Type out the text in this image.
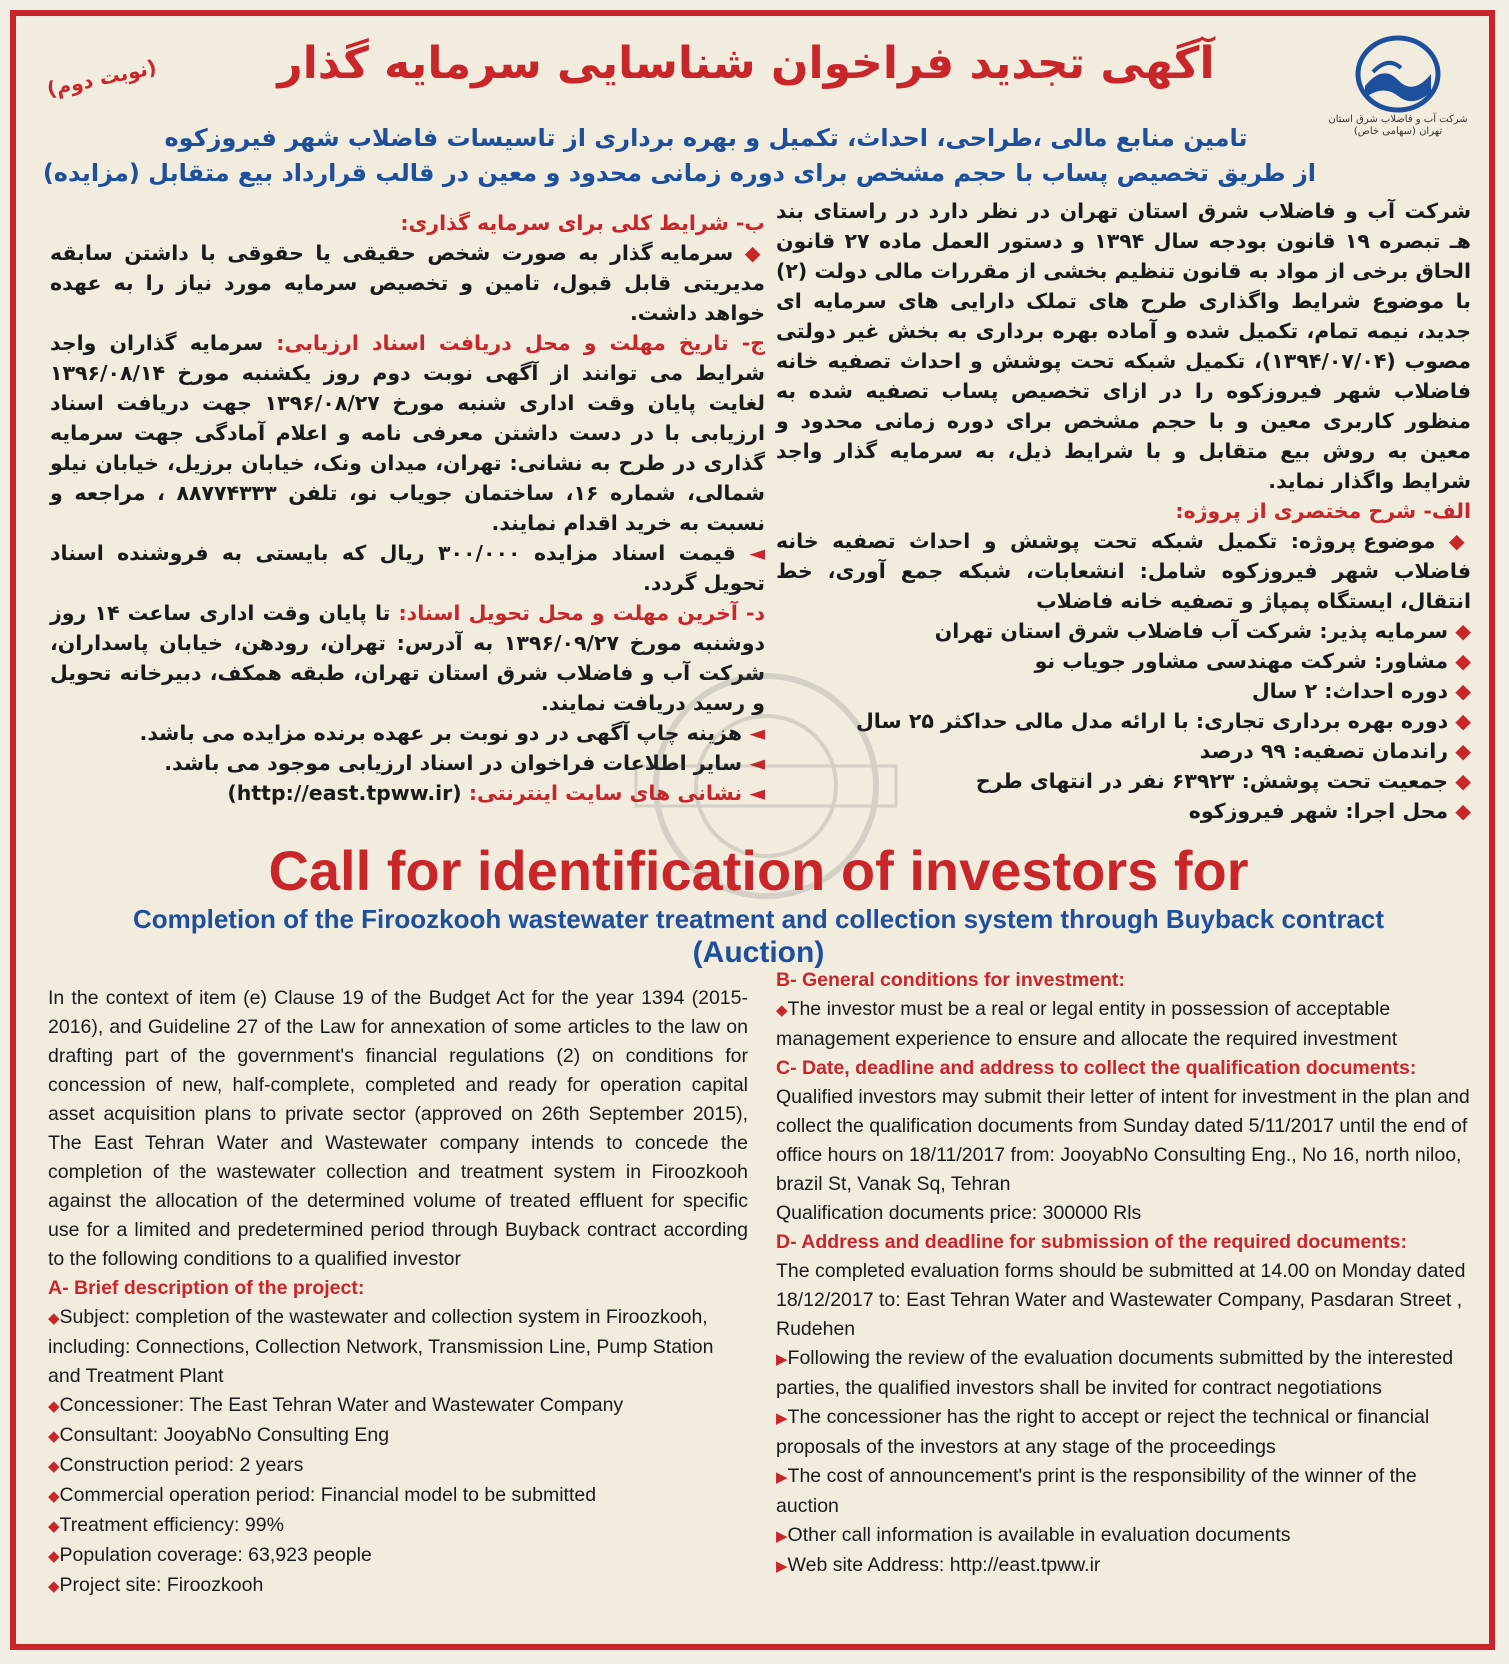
شرکت آب و فاضلاب شرق استان تهران (سهامی خاص)
آگهی تجدید فراخوان شناسایی سرمایه گذار
(نوبت دوم)
تامین منابع مالی ،طراحی، احداث، تکمیل و بهره برداری از تاسیسات فاضلاب شهر فیروزکوه
از طریق تخصیص پساب با حجم مشخص برای دوره زمانی محدود و معین در قالب قرارداد بیع متقابل (مزایده)

شرکت آب و فاضلاب شرق استان تهران در نظر دارد در راستای بند هـ تبصره ۱۹ قانون بودجه سال ۱۳۹۴ و دستور العمل ماده ۲۷ قانون الحاق برخی از مواد به قانون تنظیم بخشی از مقررات مالی دولت (۲) با موضوع شرایط واگذاری طرح های تملک دارایی های سرمایه ای جدید، نیمه تمام، تکمیل شده و آماده بهره برداری به بخش غیر دولتی مصوب (۱۳۹۴/۰۷/۰۴)، تکمیل شبکه تحت پوشش و احداث تصفیه خانه فاضلاب شهر فیروزکوه را در ازای تخصیص پساب تصفیه شده به منظور کاربری معین و با حجم مشخص برای دوره زمانی محدود و معین به روش بیع متقابل و با شرایط ذیل، به سرمایه گذار واجد شرایط واگذار نماید.

الف- شرح مختصری از پروژه:

◆ موضوع پروژه: تکمیل شبکه تحت پوشش و احداث تصفیه خانه فاضلاب شهر فیروزکوه شامل: انشعابات، شبکه جمع آوری، خط انتقال، ایستگاه پمپاژ و تصفیه خانه فاضلاب

◆ سرمایه پذیر: شرکت آب فاضلاب شرق استان تهران

◆ مشاور: شرکت مهندسی مشاور جویاب نو

◆ دوره احداث: ۲ سال

◆ دوره بهره برداری تجاری: با ارائه مدل مالی حداکثر ۲۵ سال

◆ راندمان تصفیه: ۹۹ درصد

◆ جمعیت تحت پوشش: ۶۳۹۲۳ نفر در انتهای طرح

◆ محل اجرا: شهر فیروزکوه

ب- شرایط کلی برای سرمایه گذاری:

◆ سرمایه گذار به صورت شخص حقیقی یا حقوقی با داشتن سابقه مدیریتی قابل قبول، تامین و تخصیص سرمایه مورد نیاز را به عهده خواهد داشت.

ج- تاریخ مهلت و محل دریافت اسناد ارزیابی: سرمایه گذاران واجد شرایط می توانند از آگهی نوبت دوم روز یکشنبه مورخ ۱۳۹۶/۰۸/۱۴ لغایت پایان وقت اداری شنبه مورخ ۱۳۹۶/۰۸/۲۷ جهت دریافت اسناد ارزیابی با در دست داشتن معرفی نامه و اعلام آمادگی جهت سرمایه گذاری در طرح به نشانی: تهران، میدان ونک، خیابان برزیل، خیابان نیلو شمالی، شماره ۱۶، ساختمان جویاب نو، تلفن ۸۸۷۷۴۳۳۳ ، مراجعه و نسبت به خرید اقدام نمایند.

◄ قیمت اسناد مزایده ۳۰۰/۰۰۰ ریال که بایستی به فروشنده اسناد تحویل گردد.

د- آخرین مهلت و محل تحویل اسناد: تا پایان وقت اداری ساعت ۱۴ روز دوشنبه مورخ ۱۳۹۶/۰۹/۲۷ به آدرس: تهران، رودهن، خیابان پاسداران، شرکت آب و فاضلاب شرق استان تهران، طبقه همکف، دبیرخانه تحویل و رسید دریافت نمایند.

◄ هزینه چاپ آگهی در دو نوبت بر عهده برنده مزایده می باشد.

◄ سایر اطلاعات فراخوان در اسناد ارزیابی موجود می باشد.

◄ نشانی های سایت اینترنتی: (http://east.tpww.ir)

Call for identification of investors for
Completion of the Firoozkooh wastewater treatment and collection system through Buyback contract
(Auction)

In the context of item (e) Clause 19 of the Budget Act for the year 1394 (2015-2016), and Guideline 27 of the Law for annexation of some articles to the law on drafting part of the government's financial regulations (2) on conditions for concession of new, half-complete, completed and ready for operation capital asset acquisition plans to private sector (approved on 26th September 2015), The East Tehran Water and Wastewater company intends to concede the completion of the wastewater collection and treatment system in Firoozkooh against the allocation of the determined volume of treated effluent for specific use for a limited and predetermined period through Buyback contract according to the following conditions to a qualified investor

A- Brief description of the project:

◆Subject: completion of the wastewater and collection system in Firoozkooh, including: Connections, Collection Network, Transmission Line, Pump Station and Treatment Plant

◆Concessioner: The East Tehran Water and Wastewater Company

◆Consultant: JooyabNo Consulting Eng

◆Construction period: 2 years

◆Commercial operation period: Financial model to be submitted

◆Treatment efficiency: 99%

◆Population coverage: 63,923 people

◆Project site: Firoozkooh

B- General conditions for investment:

◆The investor must be a real or legal entity in possession of acceptable management experience to ensure and allocate the required investment

C- Date, deadline and address to collect the qualification documents: Qualified investors may submit their letter of intent for investment in the plan and collect the qualification documents from Sunday dated 5/11/2017 until the end of office hours on 18/11/2017 from: JooyabNo Consulting Eng., No 16, north niloo, brazil St, Vanak Sq, Tehran

Qualification documents price: 300000 Rls

D- Address and deadline for submission of the required documents:

The completed evaluation forms should be submitted at 14.00 on Monday dated 18/12/2017 to: East Tehran Water and Wastewater Company, Pasdaran Street , Rudehen

▶Following the review of the evaluation documents submitted by the interested parties, the qualified investors shall be invited for contract negotiations

▶The concessioner has the right to accept or reject the technical or financial proposals of the investors at any stage of the proceedings

▶The cost of announcement's print is the responsibility of the winner of the auction

▶Other call information is available in evaluation documents

▶Web site Address: http://east.tpww.ir
